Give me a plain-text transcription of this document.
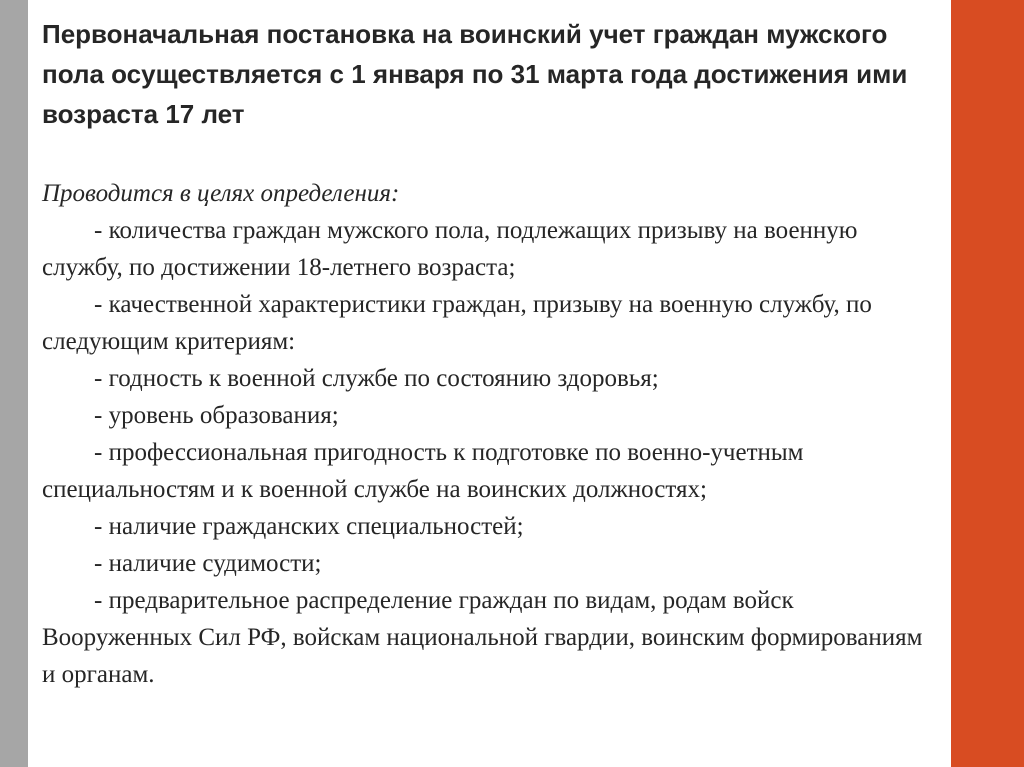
Первоначальная постановка на воинский учет граждан мужского пола осуществляется с 1 января по 31 марта года достижения ими возраста 17 лет

Проводится в целях определения:
- количества граждан мужского пола, подлежащих призыву на военную службу, по достижении 18-летнего возраста;
- качественной характеристики граждан, призыву на военную службу, по следующим критериям:
- годность к военной службе по состоянию здоровья;
- уровень образования;
- профессиональная пригодность к подготовке по военно-учетным специальностям и к военной службе на воинских должностях;
- наличие гражданских специальностей;
- наличие судимости;
- предварительное распределение граждан по видам, родам войск Вооруженных Сил РФ, войскам национальной гвардии, воинским формированиям и органам.
